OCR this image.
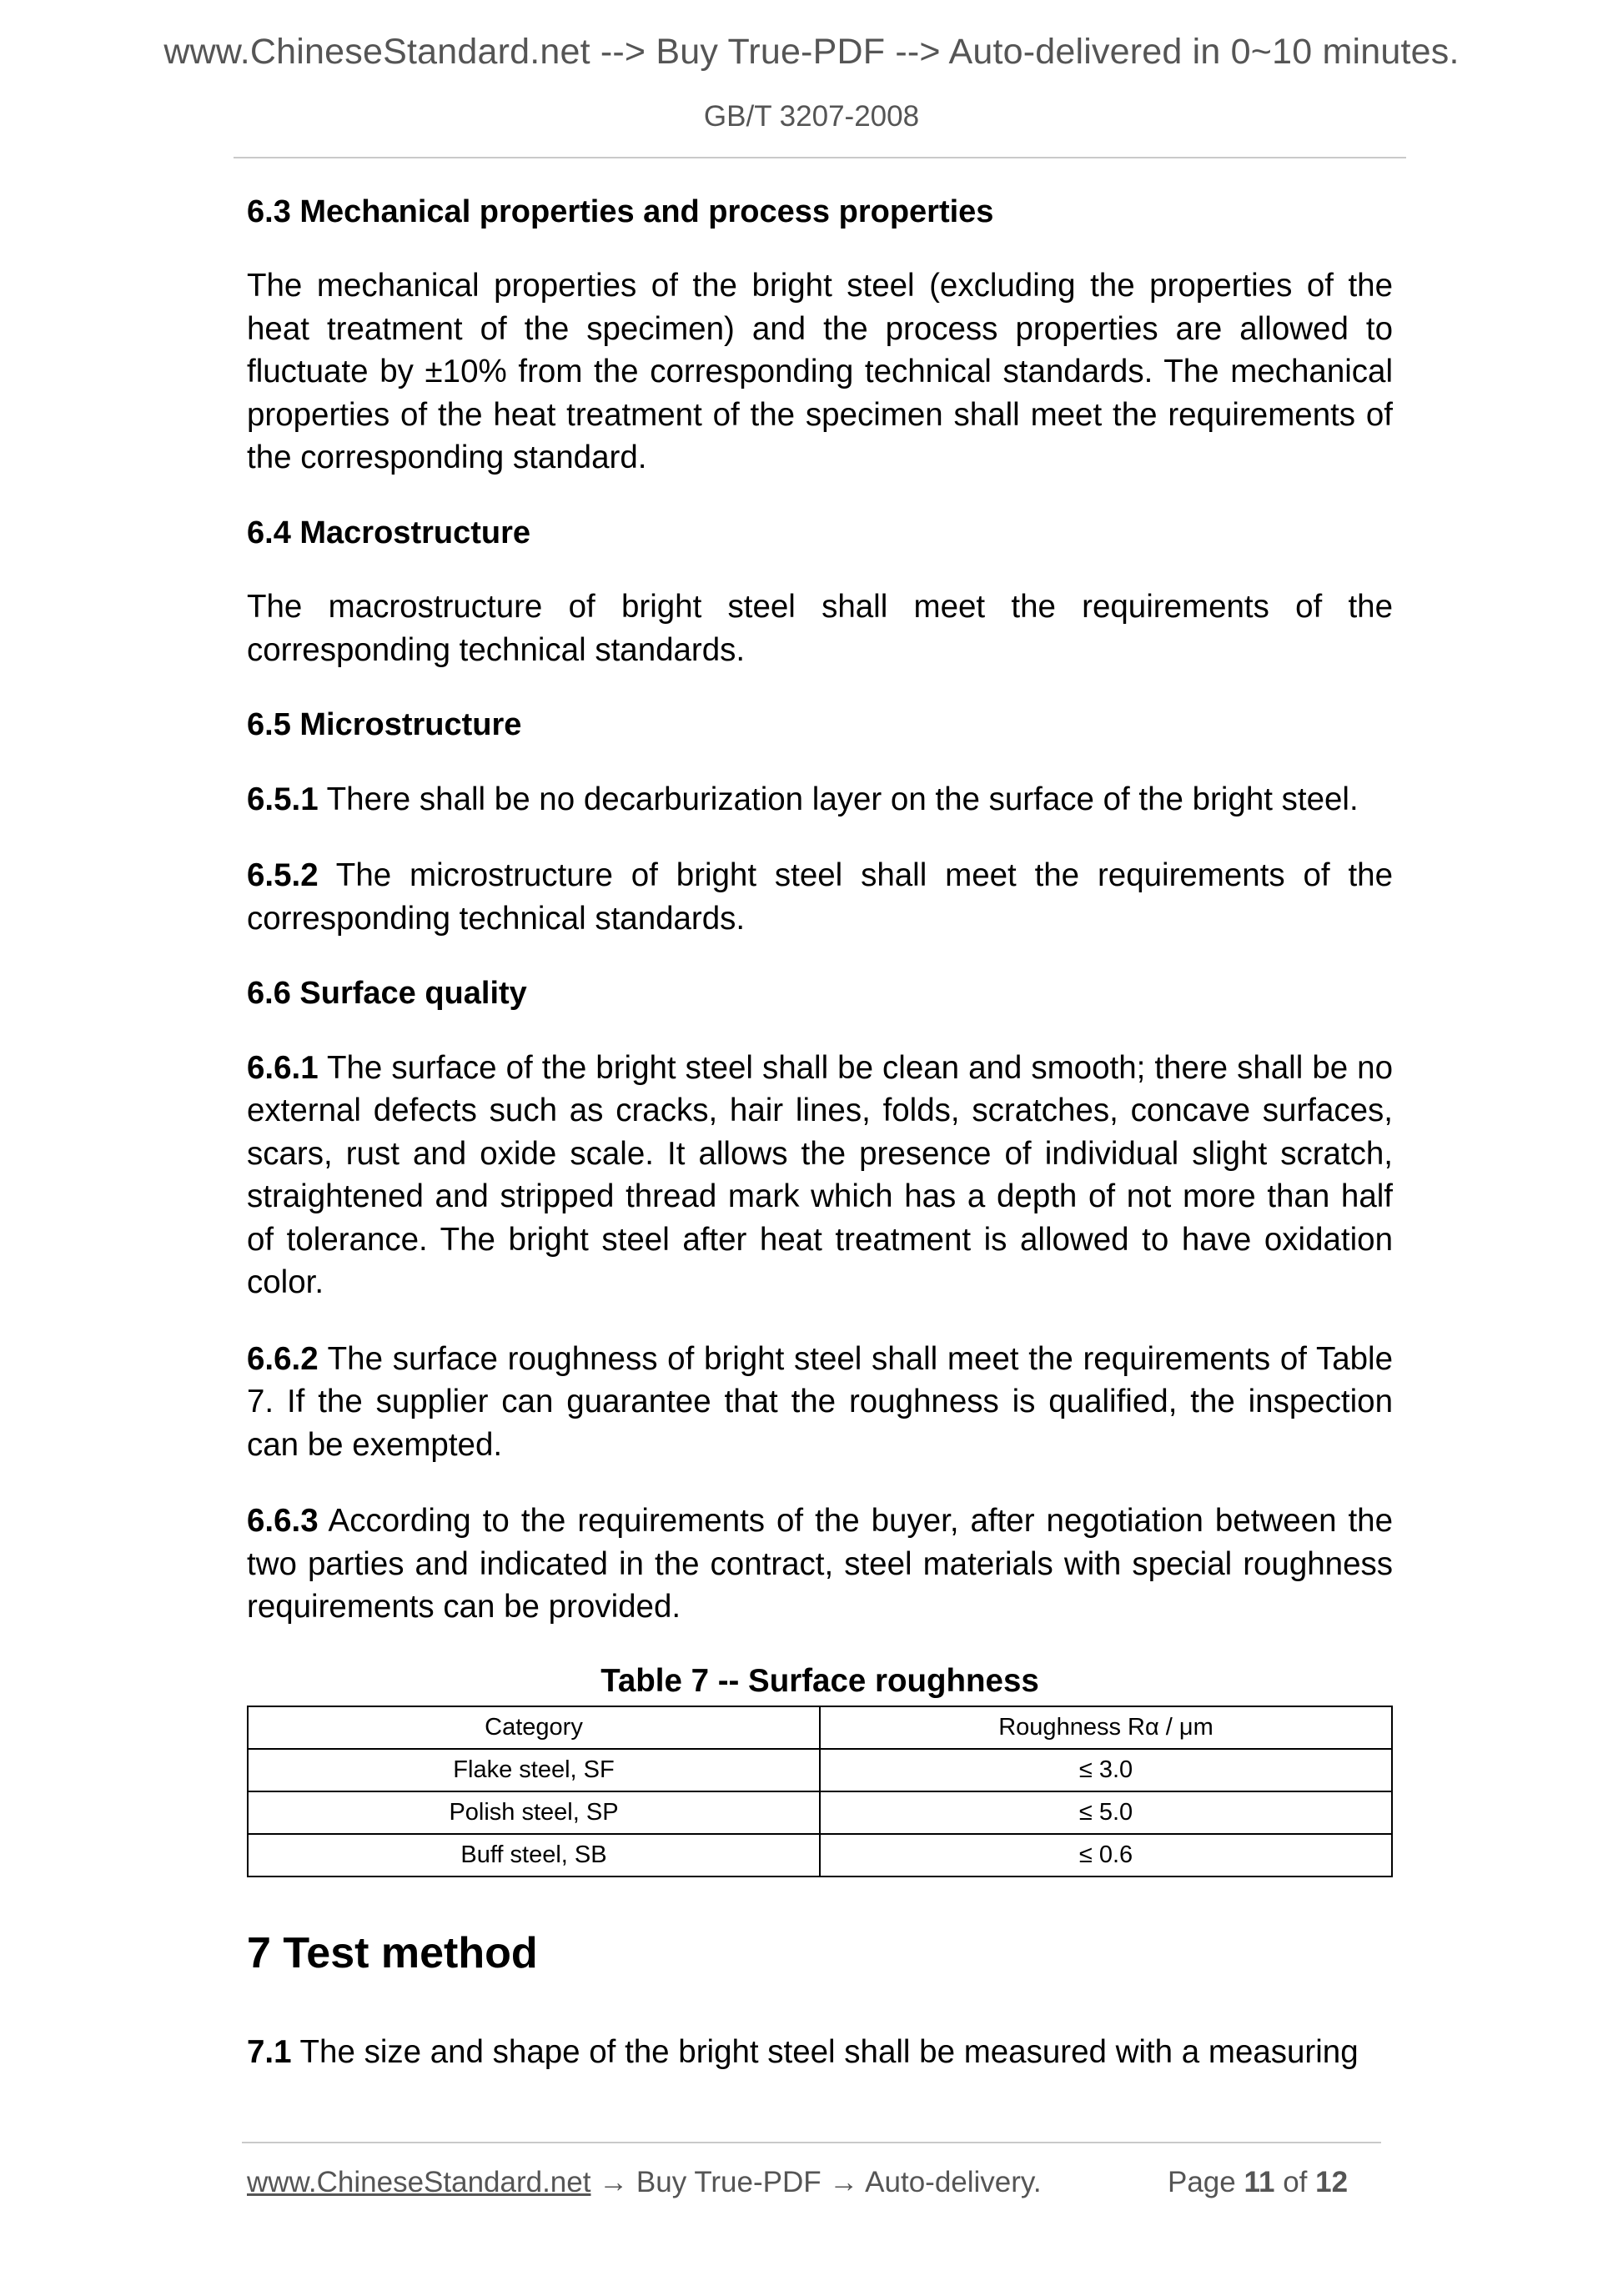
www.ChineseStandard.net --> Buy True-PDF --> Auto-delivered in 0~10 minutes.
GB/T 3207-2008
6.3 Mechanical properties and process properties

The mechanical properties of the bright steel (excluding the properties of the heat treatment of the specimen) and the process properties are allowed to fluctuate by ±10% from the corresponding technical standards. The mechanical properties of the heat treatment of the specimen shall meet the requirements of the corresponding standard.

6.4 Macrostructure

The macrostructure of bright steel shall meet the requirements of the corresponding technical standards.

6.5 Microstructure

6.5.1 There shall be no decarburization layer on the surface of the bright steel.

6.5.2 The microstructure of bright steel shall meet the requirements of the corresponding technical standards.

6.6 Surface quality

6.6.1 The surface of the bright steel shall be clean and smooth; there shall be no external defects such as cracks, hair lines, folds, scratches, concave surfaces, scars, rust and oxide scale. It allows the presence of individual slight scratch, straightened and stripped thread mark which has a depth of not more than half of tolerance. The bright steel after heat treatment is allowed to have oxidation color.

6.6.2 The surface roughness of bright steel shall meet the requirements of Table 7. If the supplier can guarantee that the roughness is qualified, the inspection can be exempted.

6.6.3 According to the requirements of the buyer, after negotiation between the two parties and indicated in the contract, steel materials with special roughness requirements can be provided.

Table 7 -- Surface roughness
Category	Roughness Rα / μm
Flake steel, SF	≤ 3.0
Polish steel, SP	≤ 5.0
Buff steel, SB	≤ 0.6
7 Test method

7.1 The size and shape of the bright steel shall be measured with a measuring

www.ChineseStandard.net → Buy True-PDF → Auto-delivery.	Page 11 of 12
